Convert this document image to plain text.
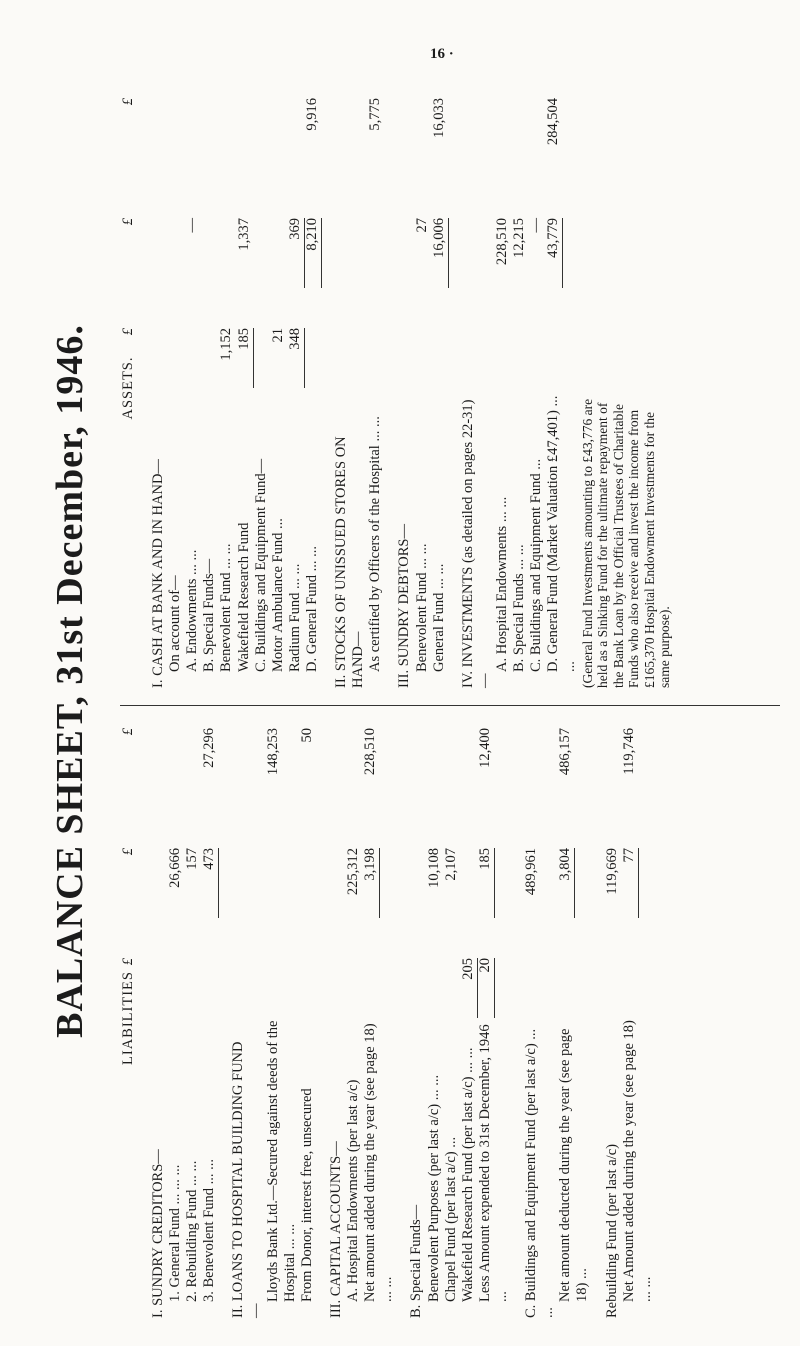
16 ·
BALANCE SHEET, 31st December, 1946. LIABILITIES
£
£
£
I. SUNDRY CREDITORS— 1. General Fund ... ... ...
26,666
2. Rebuilding Fund ... ...
157
3. Benevolent Fund ... ...
473
27,296
II. LOANS TO HOSPITAL BUILDING FUND—
Lloyds Bank Ltd.—Secured against deeds of the Hospital ... ...
148,253
From Donor, interest free, unsecured
50
III. CAPITAL ACCOUNTS— A. Hospital Endowments (per last a/c)
225,312
Net amount added during the year (see page 18) ... ...
3,198
228,510
B. Special Funds— Benevolent Purposes (per last a/c) ... ...
10,108
Chapel Fund (per last a/c) ...
2,107
Wakefield Research Fund (per last a/c) ... ...
205
Less Amount expended to 31st December, 1946 ...
20
185
12,400
C. Buildings and Equipment Fund (per last a/c) ... ...
489,961
Net amount deducted during the year (see page 18) ...
3,804
486,157
Rebuilding Fund (per last a/c)
119,669
Net Amount added during the year (see page 18) ... ...
77
119,746
ASSETS.
£
£
£
I. CASH AT BANK AND IN HAND— On account of— A. Endowments ... ...
—
B. Special Funds— Benevolent Fund ... ...
1,152
Wakefield Research Fund
185
1,337
C. Buildings and Equipment Fund— Motor Ambulance Fund ...
21
Radium Fund ... ...
348
369
D. General Fund ... ...
8,210
9,916
II. STOCKS OF UNISSUED STORES ON HAND— As certified by Officers of the Hospital ... ...
5,775
III. SUNDRY DEBTORS— Benevolent Fund ... ...
27
General Fund ... ...
16,006
16,033
IV. INVESTMENTS (as detailed on pages 22-31)—
A. Hospital Endowments ... ...
228,510
B. Special Funds ... ...
12,215
C. Buildings and Equipment Fund ...
—
D. General Fund (Market Valuation £47,401) ... ...
43,779
284,504
(General Fund Investments amounting to £43,776 are held as a Sinking Fund for the ultimate repayment of the Bank Loan by the Official Trustees of Charitable Funds who also receive and invest the income from £165,370 Hospital Endowment Investments for the same purpose).
